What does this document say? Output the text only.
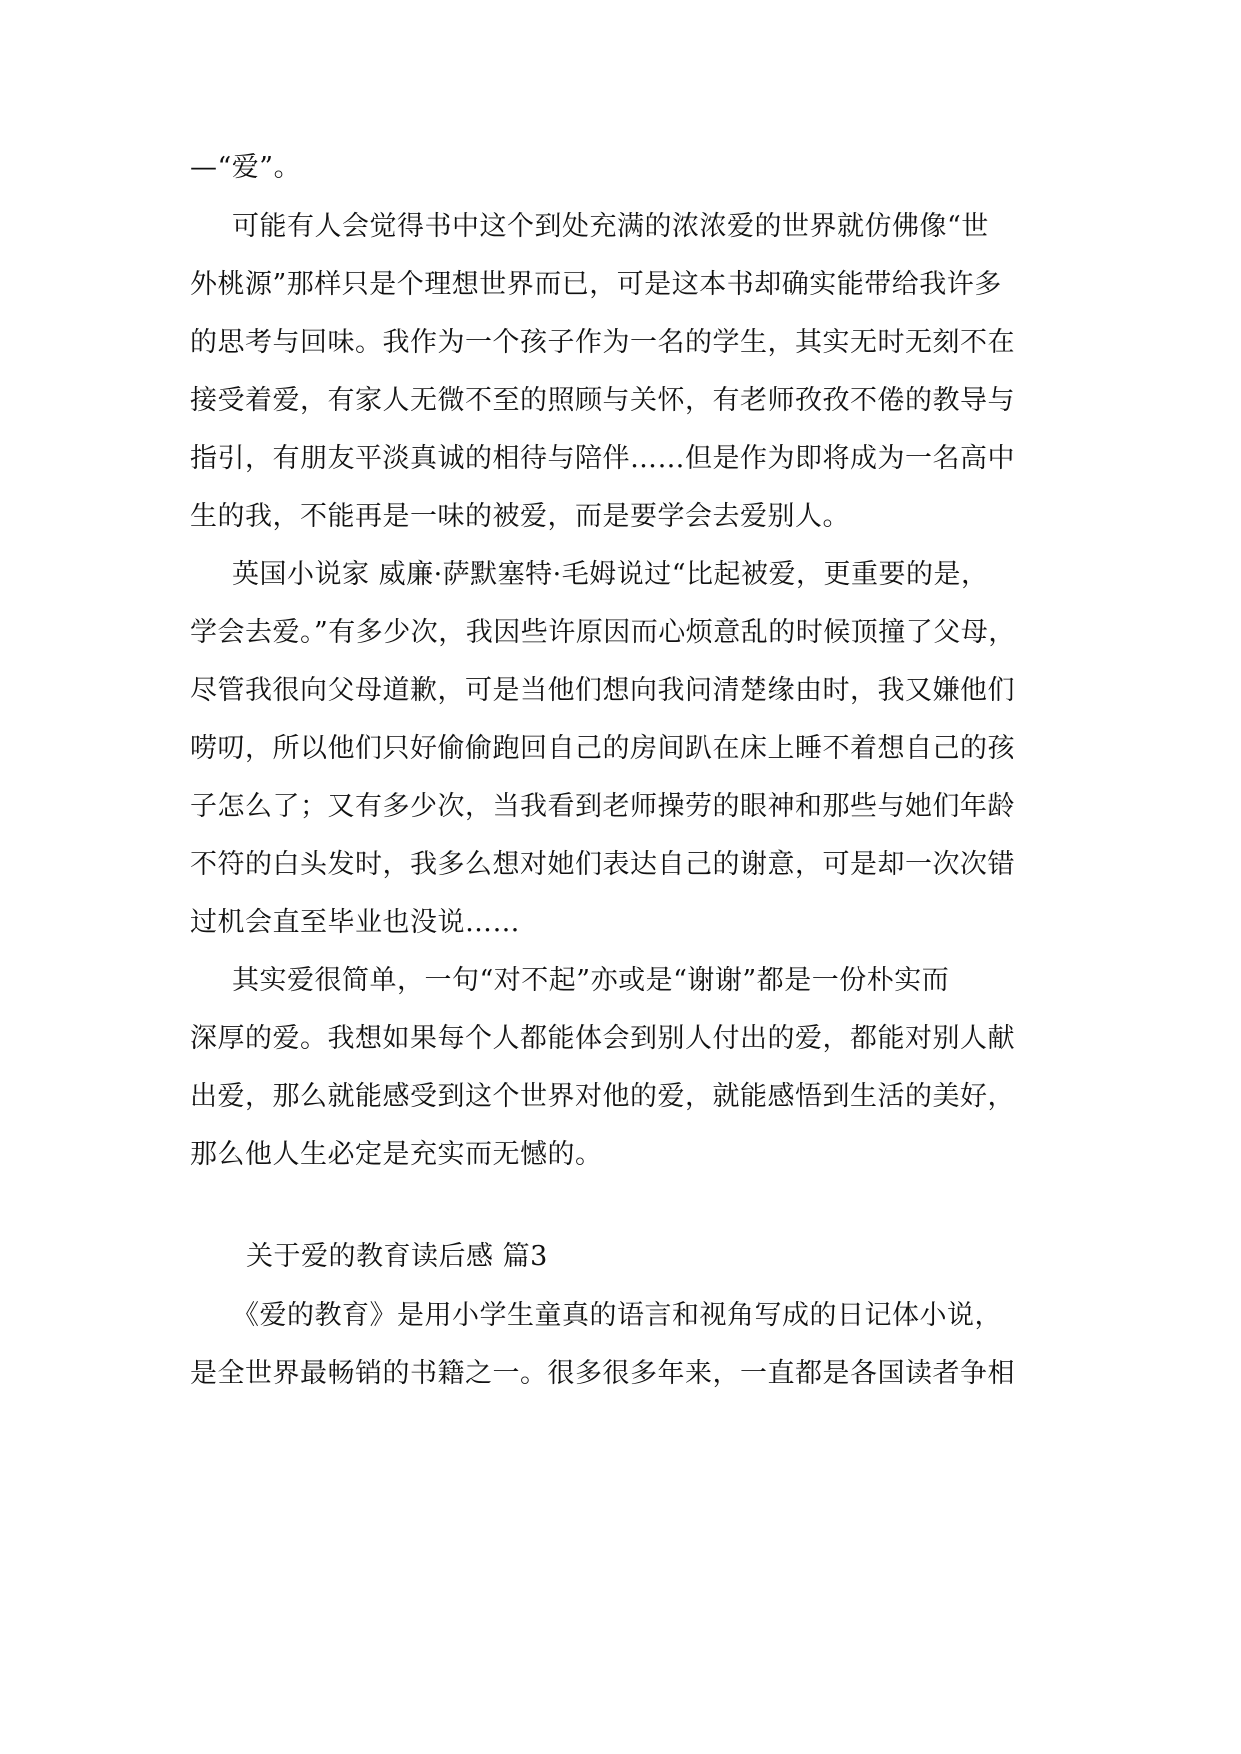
—“爱”。
可能有人会觉得书中这个到处充满的浓浓爱的世界就仿佛像“世
外桃源”那样只是个理想世界而已，可是这本书却确实能带给我许多
的思考与回味。我作为一个孩子作为一名的学生，其实无时无刻不在
接受着爱，有家人无微不至的照顾与关怀，有老师孜孜不倦的教导与
指引，有朋友平淡真诚的相待与陪伴……但是作为即将成为一名高中
生的我，不能再是一味的被爱，而是要学会去爱别人。
英国小说家 威廉·萨默塞特·毛姆说过“比起被爱，更重要的是，
学会去爱。”有多少次，我因些许原因而心烦意乱的时候顶撞了父母，
尽管我很向父母道歉，可是当他们想向我问清楚缘由时，我又嫌他们
唠叨，所以他们只好偷偷跑回自己的房间趴在床上睡不着想自己的孩
子怎么了；又有多少次，当我看到老师操劳的眼神和那些与她们年龄
不符的白头发时，我多么想对她们表达自己的谢意，可是却一次次错
过机会直至毕业也没说……
其实爱很简单，一句“对不起”亦或是“谢谢”都是一份朴实而
深厚的爱。我想如果每个人都能体会到别人付出的爱，都能对别人献
出爱，那么就能感受到这个世界对他的爱，就能感悟到生活的美好，
那么他人生必定是充实而无憾的。
关于爱的教育读后感 篇3
《爱的教育》是用小学生童真的语言和视角写成的日记体小说，
是全世界最畅销的书籍之一。很多很多年来，一直都是各国读者争相
